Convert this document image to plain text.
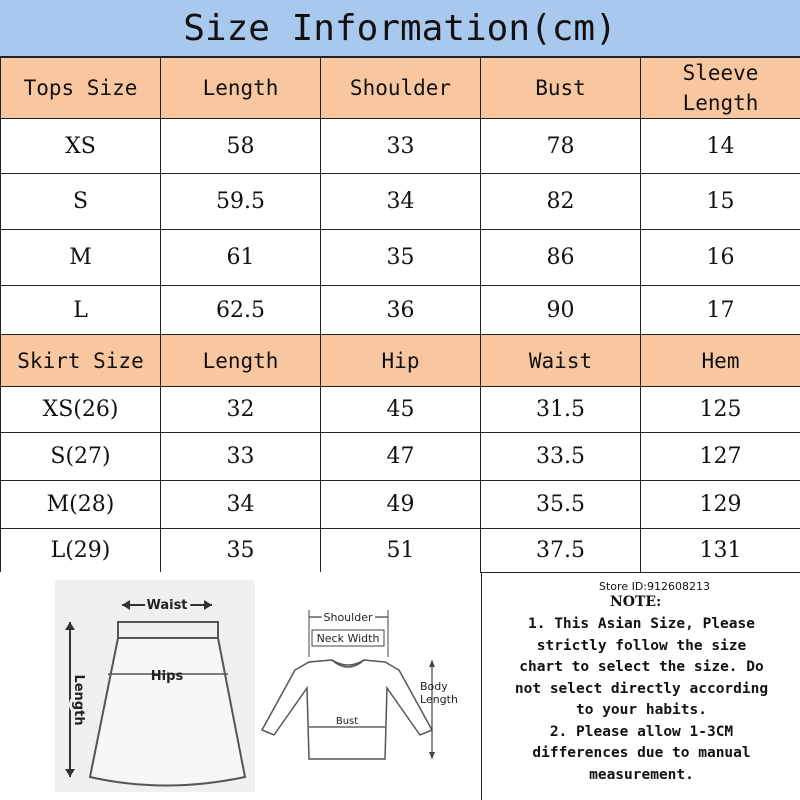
Size Information(cm)
Tops Size	Length	Shoulder	Bust	Sleeve Length
XS	58	33	78	14
S	59.5	34	82	15
M	61	35	86	16
L	62.5	36	90	17
Skirt Size	Length	Hip	Waist	Hem
XS(26)	32	45	31.5	125
S(27)	33	47	33.5	127
M(28)	34	49	35.5	129
L(29)	35	51	37.5	131
Waist
Hips
Length
Shoulder
Neck Width
Bust
Body
Length
Store ID:912608213
NOTE:
1. This Asian Size, Please
strictly follow the size
chart to select the size. Do
not select directly according
to your habits.
2. Please allow 1-3CM
differences due to manual
measurement.
